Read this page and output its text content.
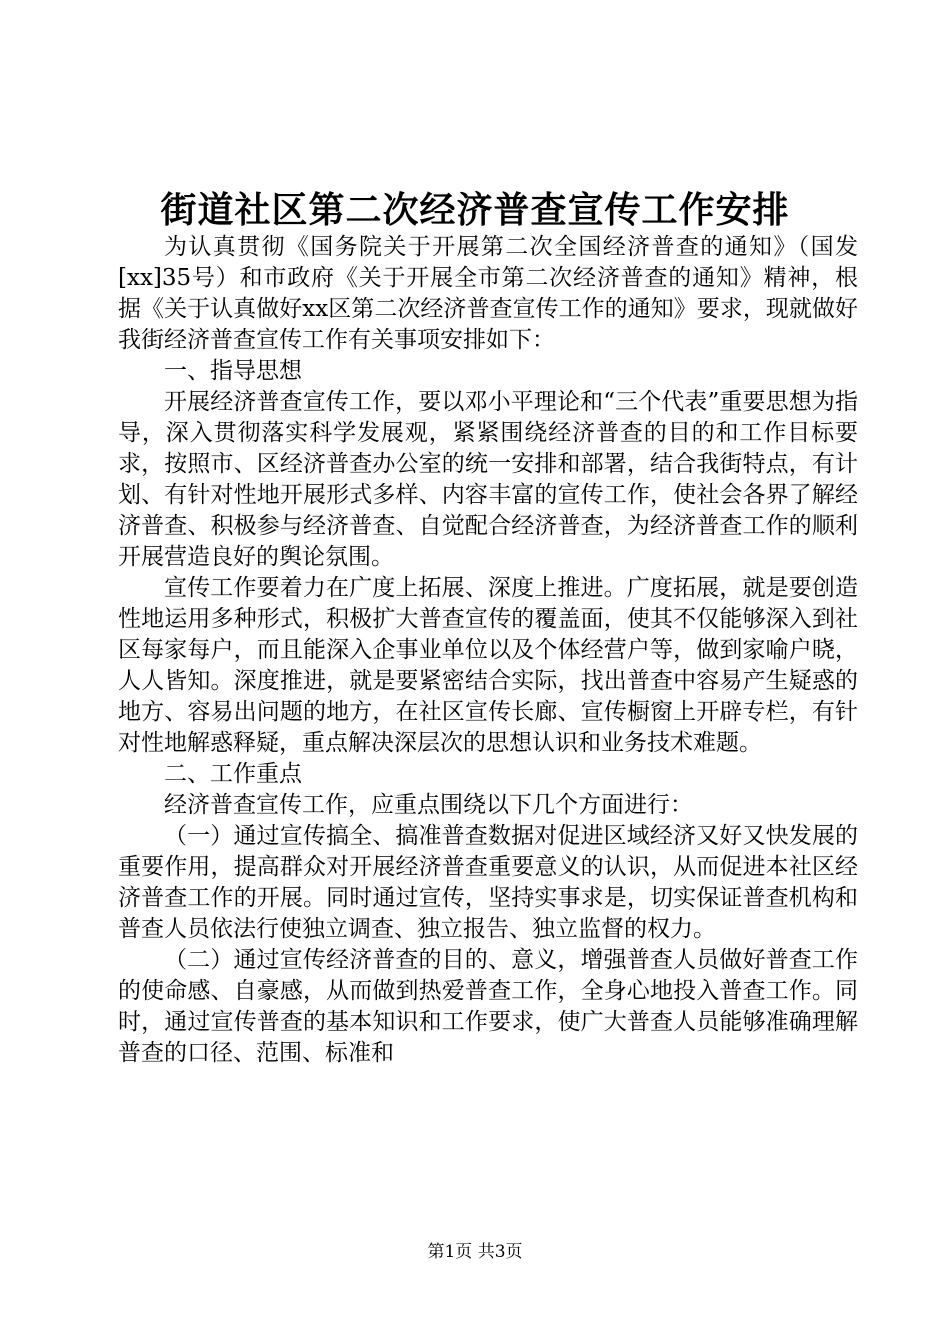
街道社区第二次经济普查宣传工作安排

为认真贯彻《国务院关于开展第二次全国经济普查的通知》（国发[xx]35号）和市政府《关于开展全市第二次经济普查的通知》精神，根据《关于认真做好xx区第二次经济普查宣传工作的通知》要求，现就做好我街经济普查宣传工作有关事项安排如下：

一、指导思想

开展经济普查宣传工作，要以邓小平理论和“三个代表”重要思想为指导，深入贯彻落实科学发展观，紧紧围绕经济普查的目的和工作目标要求，按照市、区经济普查办公室的统一安排和部署，结合我街特点，有计划、有针对性地开展形式多样、内容丰富的宣传工作，使社会各界了解经济普查、积极参与经济普查、自觉配合经济普查，为经济普查工作的顺利开展营造良好的舆论氛围。

宣传工作要着力在广度上拓展、深度上推进。广度拓展，就是要创造性地运用多种形式，积极扩大普查宣传的覆盖面，使其不仅能够深入到社区每家每户，而且能深入企事业单位以及个体经营户等，做到家喻户晓，人人皆知。深度推进，就是要紧密结合实际，找出普查中容易产生疑惑的地方、容易出问题的地方，在社区宣传长廊、宣传橱窗上开辟专栏，有针对性地解惑释疑，重点解决深层次的思想认识和业务技术难题。

二、工作重点

经济普查宣传工作，应重点围绕以下几个方面进行：

（一）通过宣传搞全、搞准普查数据对促进区域经济又好又快发展的重要作用，提高群众对开展经济普查重要意义的认识，从而促进本社区经济普查工作的开展。同时通过宣传，坚持实事求是，切实保证普查机构和普查人员依法行使独立调查、独立报告、独立监督的权力。

（二）通过宣传经济普查的目的、意义，增强普查人员做好普查工作的使命感、自豪感，从而做到热爱普查工作，全身心地投入普查工作。同时，通过宣传普查的基本知识和工作要求，使广大普查人员能够准确理解普查的口径、范围、标准和

第1页 共3页
